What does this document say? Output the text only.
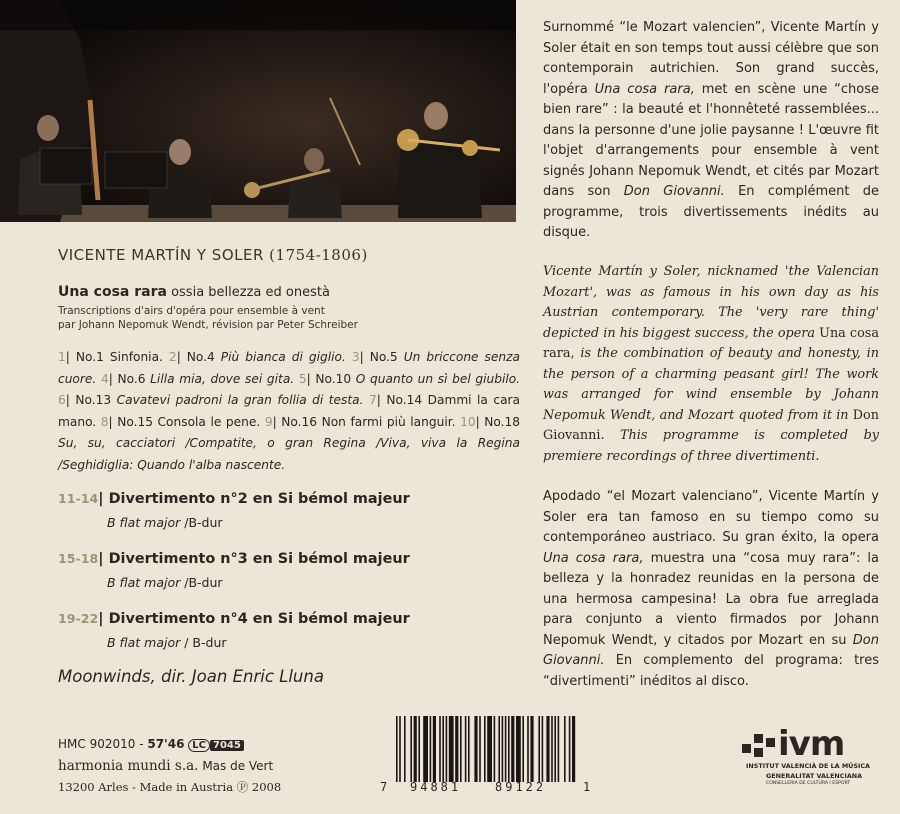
VICENTE MARTÍN Y SOLER (1754-1806)
Una cosa rara ossia bellezza ed onestà
Transcriptions d'airs d'opéra pour ensemble à vent
par Johann Nepomuk Wendt, révision par Peter Schreiber
1| No.1 Sinfonia. 2| No.4 Più bianca di giglio. 3| No.5 Un briccone senza cuore. 4| No.6 Lilla mia, dove sei gita. 5| No.10 O quanto un sì bel giubilo. 6| No.13 Cavatevi padroni la gran follia di testa. 7| No.14 Dammi la cara mano. 8| No.15 Consola le pene. 9| No.16 Non farmi più languir. 10| No.18 Su, su, cacciatori /Compatite, o gran Regina /Viva, viva la Regina /Seghidiglia: Quando l'alba nascente.
11-14| Divertimento n°2 en Si bémol majeur
B flat major /B-dur
15-18| Divertimento n°3 en Si bémol majeur
B flat major /B-dur
19-22| Divertimento n°4 en Si bémol majeur
B flat major / B-dur
Moonwinds, dir. Joan Enric Lluna
HMC 902010 - 57'46 LC 7045
harmonia mundi s.a. Mas de Vert
13200 Arles - Made in Austria Ⓟ 2008
Surnommé “le Mozart valencien”, Vicente Martín y Soler était en son temps tout aussi célèbre que son contemporain autrichien. Son grand succès, l'opéra Una cosa rara, met en scène une “chose bien rare” : la beauté et l'honnêteté rassemblées... dans la personne d'une jolie paysanne ! L'œuvre fit l'objet d'arrangements pour ensemble à vent signés Johann Nepomuk Wendt, et cités par Mozart dans son Don Giovanni. En complément de programme, trois divertissements inédits au disque.
Vicente Martín y Soler, nicknamed 'the Valencian Mozart', was as famous in his own day as his Austrian contemporary. The 'very rare thing' depicted in his biggest success, the opera Una cosa rara, is the combination of beauty and honesty, in the person of a charming peasant girl! The work was arranged for wind ensemble by Johann Nepomuk Wendt, and Mozart quoted from it in Don Giovanni. This programme is completed by premiere recordings of three divertimenti.
Apodado “el Mozart valenciano”, Vicente Martín y Soler era tan famoso en su tiempo como su contemporáneo austriaco. Su gran éxito, la opera Una cosa rara, muestra una “cosa muy rara”: la belleza y la honradez reunidas en la persona de una hermosa campesina! La obra fue arreglada para conjunto a viento firmados por Johann Nepomuk Wendt, y citados por Mozart en su Don Giovanni. En complemento del programa: tres “divertimenti” inéditos al disco.
7 94881	89122	1
ivm
INSTITUT VALENCIÀ DE LA MÚSICA
GENERALITAT VALENCIANA
CONSELLERIA DE CULTURA I ESPORT
